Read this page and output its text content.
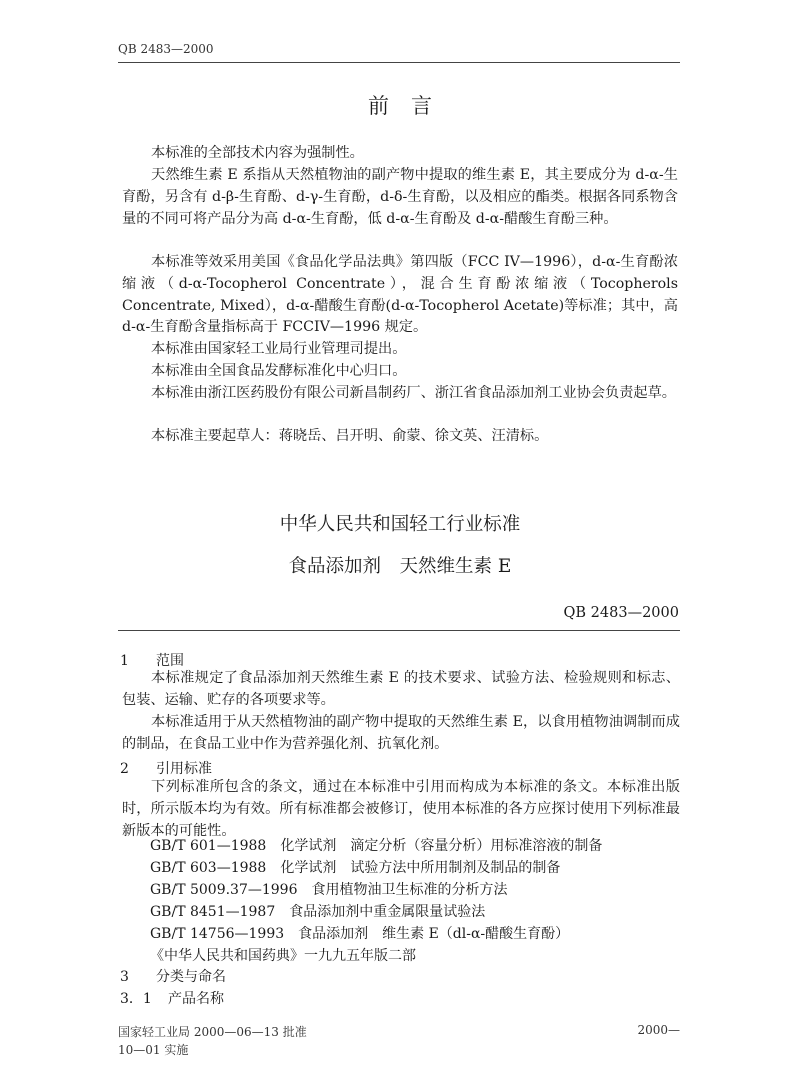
QB 2483—2000
前言
本标准的全部技术内容为强制性。
天然维生素 E 系指从天然植物油的副产物中提取的维生素 E，其主要成分为 d-α-生育酚，另含有 d-β-生育酚、d-γ-生育酚，d-δ-生育酚，以及相应的酯类。根据各同系物含量的不同可将产品分为高 d-α-生育酚，低 d-α-生育酚及 d-α-醋酸生育酚三种。
本标准等效采用美国《食品化学品法典》第四版（FCC IV—1996），d-α-生育酚浓缩液（d-α-Tocopherol Concentrate），混合生育酚浓缩液（Tocopherols Concentrate, Mixed），d-α-醋酸生育酚(d-α-Tocopherol Acetate)等标准；其中，高 d-α-生育酚含量指标高于 FCCIV—1996 规定。
本标准由国家轻工业局行业管理司提出。
本标准由全国食品发酵标准化中心归口。
本标准由浙江医药股份有限公司新昌制药厂、浙江省食品添加剂工业协会负责起草。
本标准主要起草人：蒋晓岳、吕开明、俞蒙、徐文英、汪清标。
中华人民共和国轻工行业标准
食品添加剂　天然维生素 E
QB 2483—2000
1 范围
本标准规定了食品添加剂天然维生素 E 的技术要求、试验方法、检验规则和标志、包装、运输、贮存的各项要求等。
本标准适用于从天然植物油的副产物中提取的天然维生素 E，以食用植物油调制而成的制品，在食品工业中作为营养强化剂、抗氧化剂。
2 引用标准
下列标准所包含的条文，通过在本标准中引用而构成为本标准的条文。本标准出版时，所示版本均为有效。所有标准都会被修订，使用本标准的各方应探讨使用下列标准最新版本的可能性。
GB/T 601—1988　化学试剂　滴定分析（容量分析）用标准溶液的制备
GB/T 603—1988　化学试剂　试验方法中所用制剂及制品的制备
GB/T 5009.37—1996　食用植物油卫生标准的分析方法
GB/T 8451—1987　食品添加剂中重金属限量试验法
GB/T 14756—1993　食品添加剂　维生素 E（dl-α-醋酸生育酚）
《中华人民共和国药典》一九九五年版二部
3 分类与命名
3．1 产品名称
国家轻工业局 2000—06—13 批准
10—01 实施
2000—
